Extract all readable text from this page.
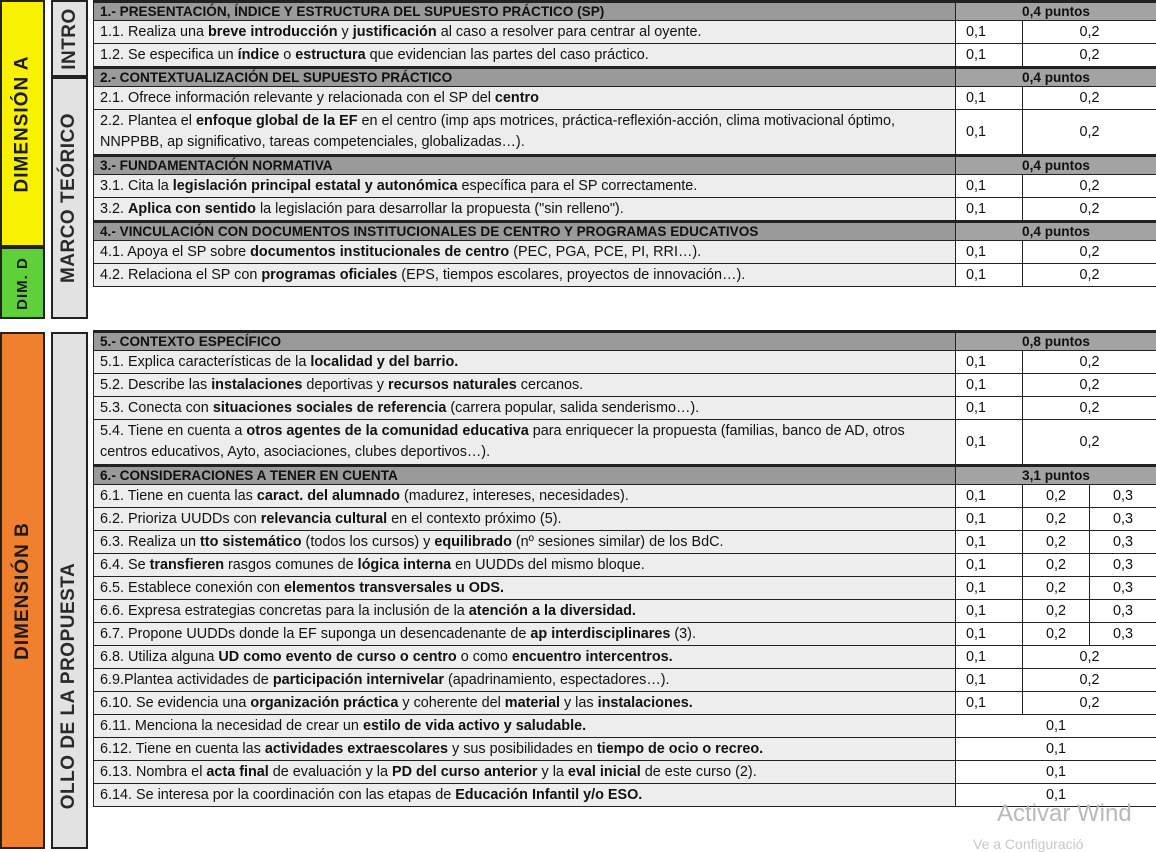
DIMENSIÓN A
DIM. D
DIMENSIÓN B
INTRO
MARCO TEÓRICO
OLLO DE LA PROPUESTA
1.- PRESENTACIÓN, ÍNDICE Y ESTRUCTURA DEL SUPUESTO PRÁCTICO (SP)	0,4 puntos	
1.1. Realiza una breve introducción y justificación al caso a resolver para centrar al oyente.	0,1	0,2
1.2. Se especifica un índice o estructura que evidencian las partes del caso práctico.	0,1	0,2
2.- CONTEXTUALIZACIÓN DEL SUPUESTO PRÁCTICO	0,4 puntos	
2.1. Ofrece información relevante y relacionada con el SP del centro	0,1	0,2
2.2. Plantea el enfoque global de la EF en el centro (imp aps motrices, práctica-reflexión-acción, clima motivacional óptimo, NNPPBB, ap significativo, tareas competenciales, globalizadas…).	0,1	0,2
3.- FUNDAMENTACIÓN NORMATIVA	0,4 puntos	
3.1. Cita la legislación principal estatal y autonómica específica para el SP correctamente.	0,1	0,2
3.2. Aplica con sentido la legislación para desarrollar la propuesta ("sin relleno").	0,1	0,2
4.- VINCULACIÓN CON DOCUMENTOS INSTITUCIONALES DE CENTRO Y PROGRAMAS EDUCATIVOS	0,4 puntos	
4.1. Apoya el SP sobre documentos institucionales de centro (PEC, PGA, PCE, PI, RRI…).	0,1	0,2
4.2. Relaciona el SP con programas oficiales (EPS, tiempos escolares, proyectos de innovación…).	0,1	0,2
5.- CONTEXTO ESPECÍFICO	0,8 puntos		
5.1. Explica características de la localidad y del barrio.	0,1	0,2	
5.2. Describe las instalaciones deportivas y recursos naturales cercanos.	0,1	0,2	
5.3. Conecta con situaciones sociales de referencia (carrera popular, salida senderismo…).	0,1	0,2	
5.4. Tiene en cuenta a otros agentes de la comunidad educativa para enriquecer la propuesta (familias, banco de AD, otros centros educativos, Ayto, asociaciones, clubes deportivos…).	0,1	0,2	
6.- CONSIDERACIONES A TENER EN CUENTA	3,1 puntos		
6.1. Tiene en cuenta las caract. del alumnado (madurez, intereses, necesidades).	0,1	0,2	0,3
6.2. Prioriza UUDDs con relevancia cultural en el contexto próximo (5).	0,1	0,2	0,3
6.3. Realiza un tto sistemático (todos los cursos) y equilibrado (nº sesiones similar) de los BdC.	0,1	0,2	0,3
6.4. Se transfieren rasgos comunes de lógica interna en UUDDs del mismo bloque.	0,1	0,2	0,3
6.5. Establece conexión con elementos transversales u ODS.	0,1	0,2	0,3
6.6. Expresa estrategias concretas para la inclusión de la atención a la diversidad.	0,1	0,2	0,3
6.7. Propone UUDDs donde la EF suponga un desencadenante de ap interdisciplinares (3).	0,1	0,2	0,3
6.8. Utiliza alguna UD como evento de curso o centro o como encuentro intercentros.	0,1	0,2	
6.9.Plantea actividades de participación internivelar (apadrinamiento, espectadores…).	0,1	0,2	
6.10. Se evidencia una organización práctica y coherente del material y las instalaciones.	0,1	0,2	
6.11. Menciona la necesidad de crear un estilo de vida activo y saludable.	0,1		
6.12. Tiene en cuenta las actividades extraescolares y sus posibilidades en tiempo de ocio o recreo.	0,1		
6.13. Nombra el acta final de evaluación y la PD del curso anterior y la eval inicial de este curso (2).	0,1		
6.14. Se interesa por la coordinación con las etapas de Educación Infantil y/o ESO.	0,1		
Activar Wind
Ve a Configuració
